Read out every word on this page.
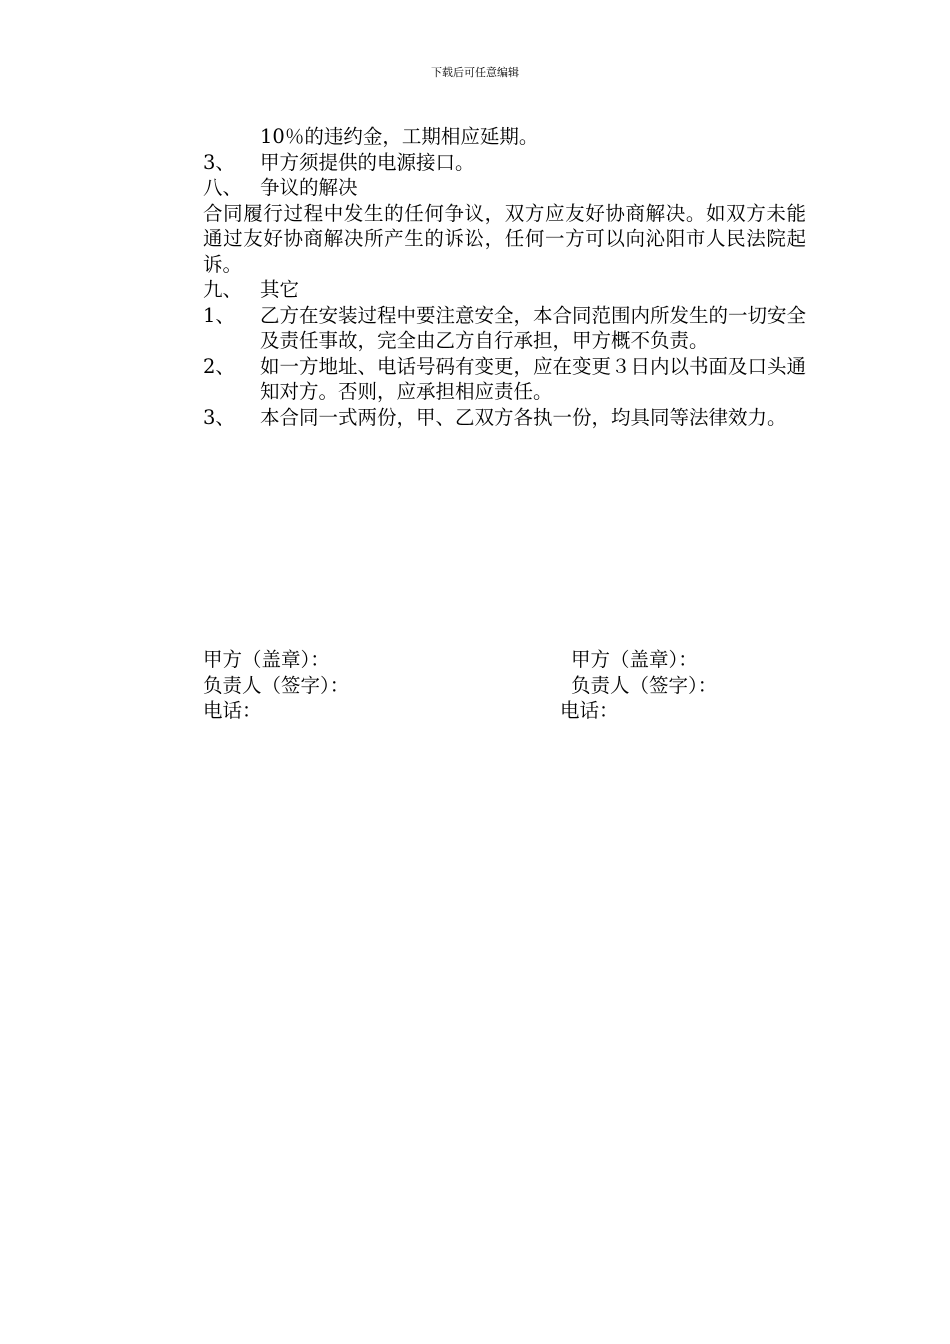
下载后可任意编辑
10％的违约金，工期相应延期。
3、	甲方须提供的电源接口。
八、 争议的解决
合同履行过程中发生的任何争议，双方应友好协商解决。如双方未能通过友好协商解决所产生的诉讼，任何一方可以向沁阳市人民法院起诉。
九、 其它
1、	乙方在安装过程中要注意安全，本合同范围内所发生的一切安全及责任事故，完全由乙方自行承担，甲方概不负责。
2、	如一方地址、电话号码有变更，应在变更３日内以书面及口头通知对方。否则，应承担相应责任。
3、	本合同一式两份，甲、乙双方各执一份，均具同等法律效力。
甲方（盖章）：	甲方（盖章）：
负责人（签字）：	负责人（签字）：
电话：	电话：
